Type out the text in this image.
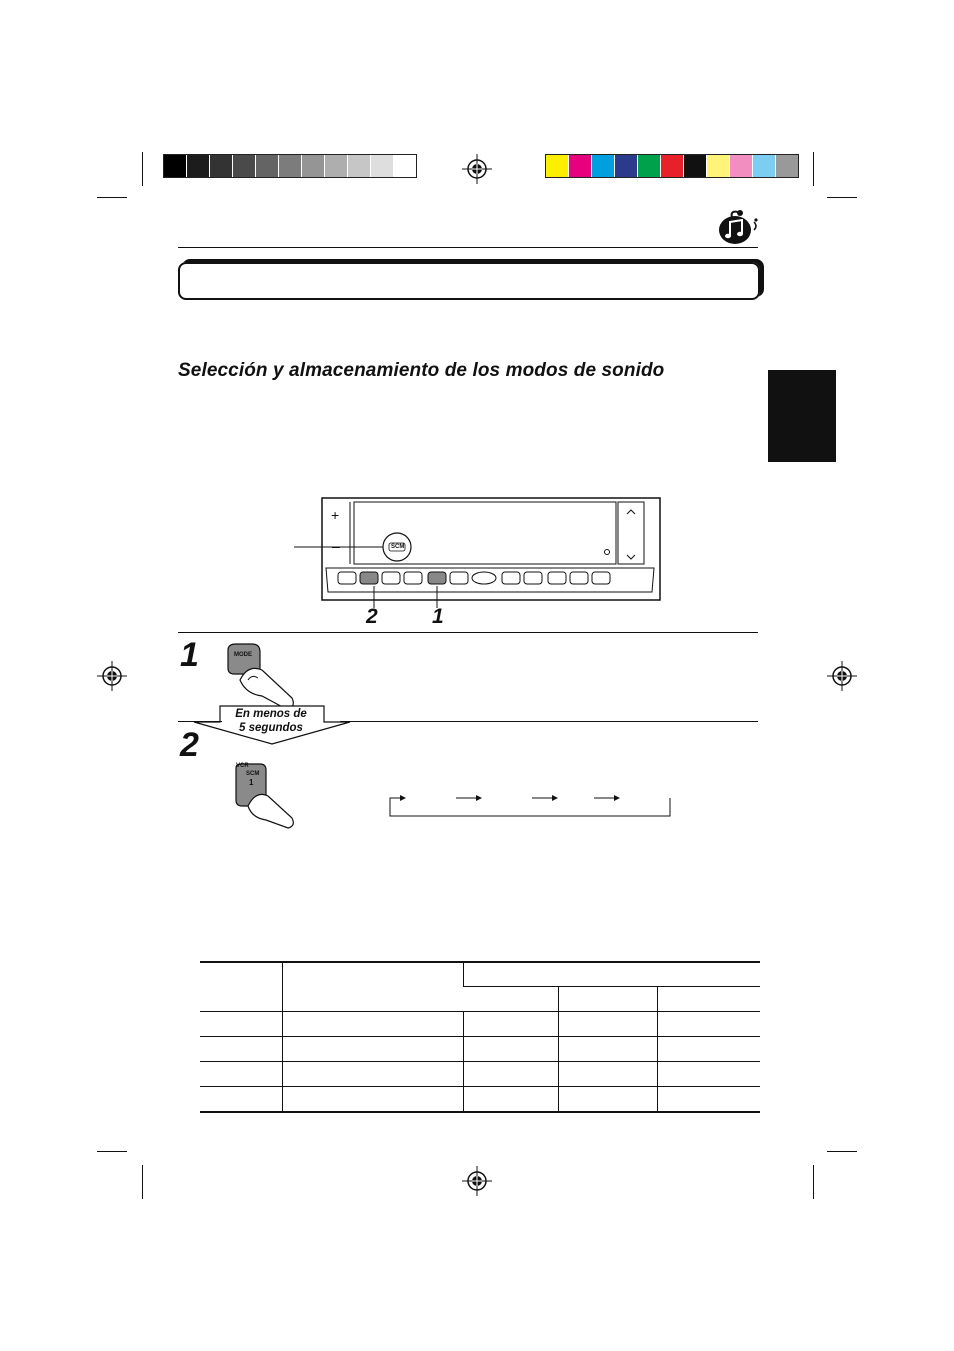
Selección y almacenamiento de los modos de sonido
+
–	SCM
2	1
1	MODE
En menos de
5 segundos
2
VCR
SCM
1
